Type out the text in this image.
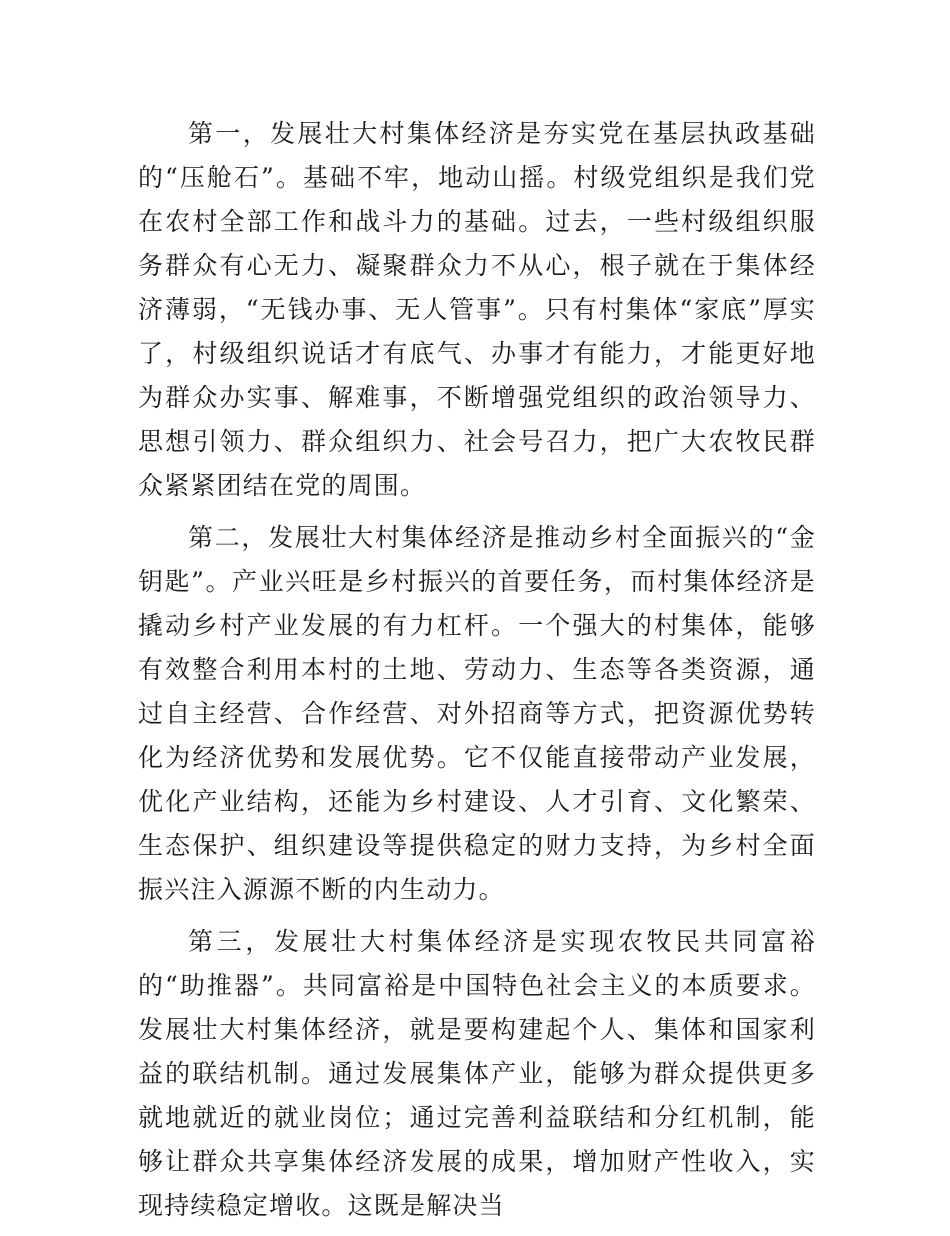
第一，发展壮大村集体经济是夯实党在基层执政基础的“压舱石”。基础不牢，地动山摇。村级党组织是我们党在农村全部工作和战斗力的基础。过去，一些村级组织服务群众有心无力、凝聚群众力不从心，根子就在于集体经济薄弱，“无钱办事、无人管事”。只有村集体“家底”厚实了，村级组织说话才有底气、办事才有能力，才能更好地为群众办实事、解难事，不断增强党组织的政治领导力、思想引领力、群众组织力、社会号召力，把广大农牧民群众紧紧团结在党的周围。

第二，发展壮大村集体经济是推动乡村全面振兴的“金钥匙”。产业兴旺是乡村振兴的首要任务，而村集体经济是撬动乡村产业发展的有力杠杆。一个强大的村集体，能够有效整合利用本村的土地、劳动力、生态等各类资源，通过自主经营、合作经营、对外招商等方式，把资源优势转化为经济优势和发展优势。它不仅能直接带动产业发展，优化产业结构，还能为乡村建设、人才引育、文化繁荣、生态保护、组织建设等提供稳定的财力支持，为乡村全面振兴注入源源不断的内生动力。

第三，发展壮大村集体经济是实现农牧民共同富裕的“助推器”。共同富裕是中国特色社会主义的本质要求。发展壮大村集体经济，就是要构建起个人、集体和国家利益的联结机制。通过发展集体产业，能够为群众提供更多就地就近的就业岗位；通过完善利益联结和分红机制，能够让群众共享集体经济发展的成果，增加财产性收入，实现持续稳定增收。这既是解决当
